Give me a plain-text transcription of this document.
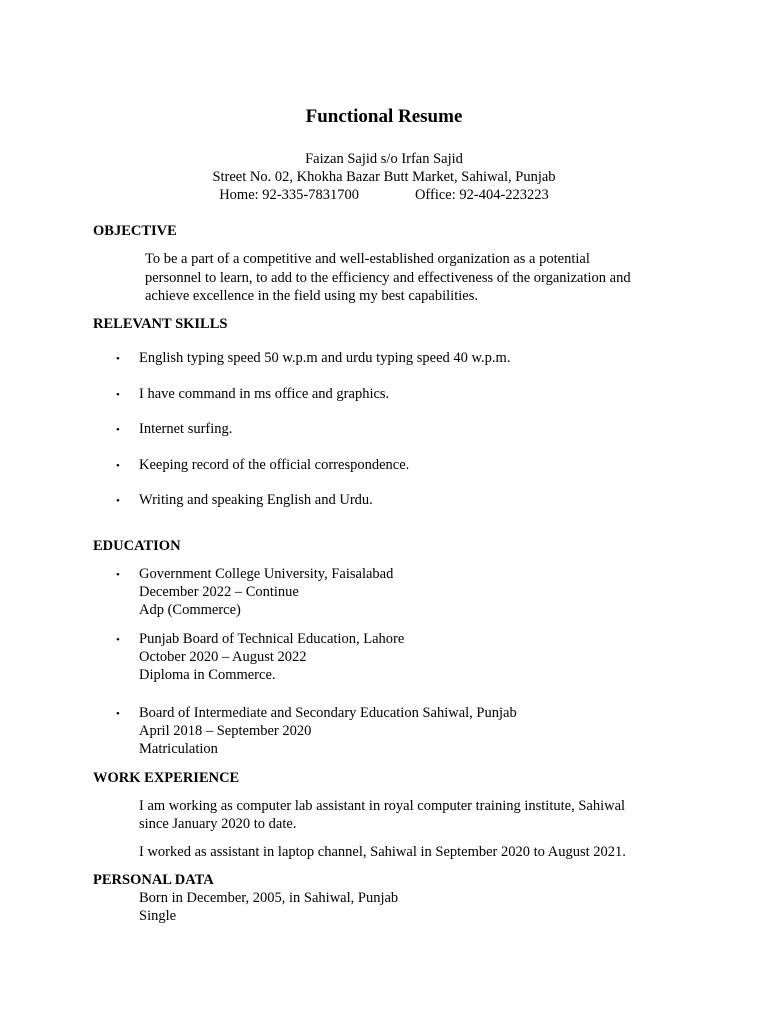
Functional Resume
Faizan Sajid s/o Irfan Sajid
Street No. 02, Khokha Bazar Butt Market, Sahiwal, Punjab
Home: 92-335-7831700	Office: 92-404-223223
OBJECTIVE
To be a part of a competitive and well-established organization as a potential
personnel to learn, to add to the efficiency and effectiveness of the organization and
achieve excellence in the field using my best capabilities.
RELEVANT SKILLS
• English typing speed 50 w.p.m and urdu typing speed 40 w.p.m.
• I have command in ms office and graphics.
• Internet surfing.
• Keeping record of the official correspondence.
• Writing and speaking English and Urdu.
EDUCATION
• Government College University, Faisalabad
December 2022 – Continue
Adp (Commerce)
• Punjab Board of Technical Education, Lahore
October 2020 – August 2022
Diploma in Commerce.
• Board of Intermediate and Secondary Education Sahiwal, Punjab
April 2018 – September 2020
Matriculation
WORK EXPERIENCE
I am working as computer lab assistant in royal computer training institute, Sahiwal
since January 2020 to date.
I worked as assistant in laptop channel, Sahiwal in September 2020 to August 2021.
PERSONAL DATA
Born in December, 2005, in Sahiwal, Punjab
Single
